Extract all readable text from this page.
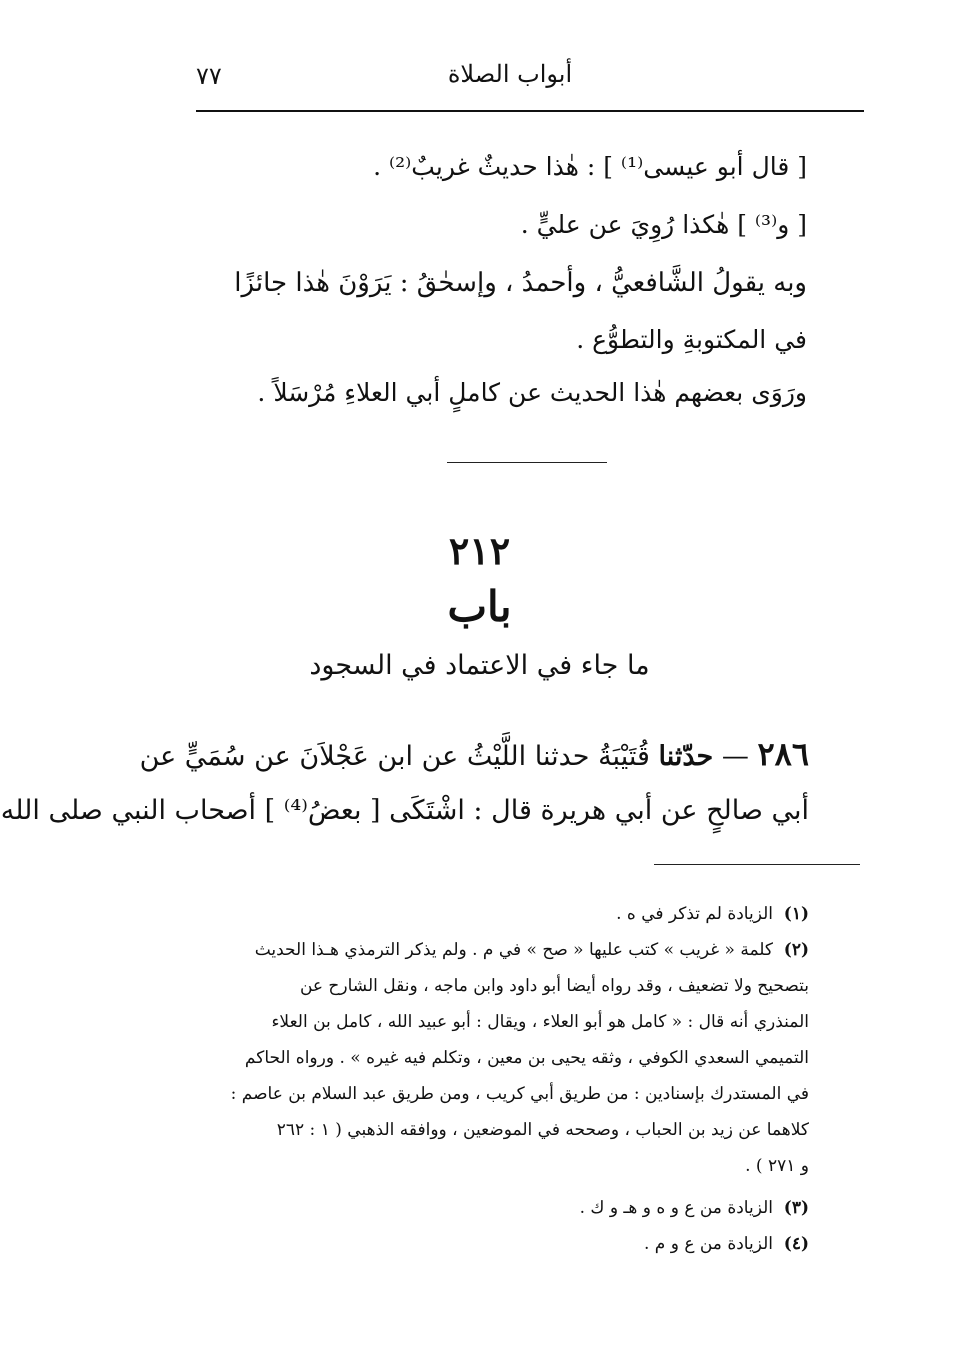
أبواب الصلاة
٧٧
[ قال أبو عيسى⁽¹⁾ ] : هٰذا حديثٌ غريبٌ⁽²⁾ .
[ و⁽³⁾ ] هٰكذا رُوِيَ عن عليٍّ .
وبه يقولُ الشَّافعيُّ ، وأحمدُ ، وإسحٰقُ : يَرَوْنَ هٰذا جائزًا
في المكتوبةِ والتطوُّع .
ورَوَى بعضهم هٰذا الحديث عن كاملٍ أبي العلاءِ مُرْسَلاً .
٢١٢
باب
ما جاء في الاعتماد في السجود
٢٨٦ — حدّثنا قُتَيْبَةُ حدثنا اللَّيْثُ عن ابن عَجْلاَنَ عن سُمَيٍّ عن
أبي صالحٍ عن أبي هريرة قال : اشْتَكَى [ بعضُ⁽⁴⁾ ] أصحاب النبي صلى الله
(١)الزيادة لم تذكر في ه .
(٢)كلمة « غريب » كتب عليها « صح » في م . ولم يذكر الترمذي هـذا الحديث
بتصحيح ولا تضعيف ، وقد رواه أيضا أبو داود وابن ماجه ، ونقل الشارح عن
المنذري أنه قال : « كامل هو أبو العلاء ، ويقال : أبو عبيد الله ، كامل بن العلاء
التميمي السعدي الكوفي ، وثقه يحيى بن معين ، وتكلم فيه غيره » . ورواه الحاكم
في المستدرك بإسنادين : من طريق أبي كريب ، ومن طريق عبد السلام بن عاصم :
كلاهما عن زيد بن الحباب ، وصححه في الموضعين ، ووافقه الذهبي ( ١ : ٢٦٢
و ٢٧١ ) .
(٣)الزيادة من ع و ه و هـ و ك .
(٤)الزيادة من ع و م .
